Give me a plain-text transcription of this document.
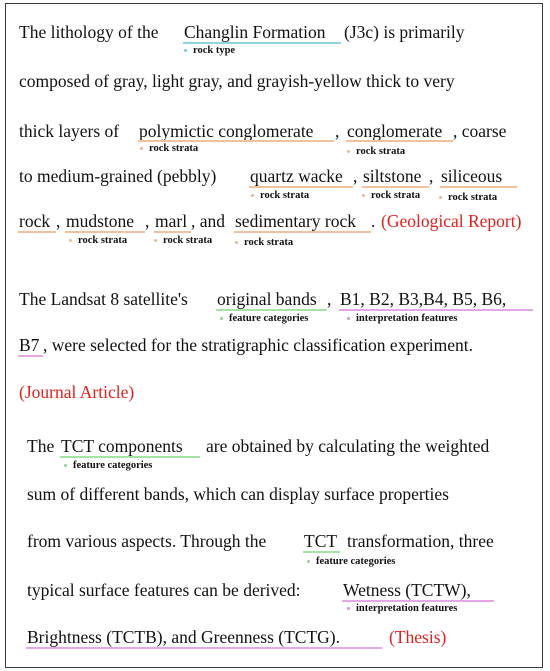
The lithology of the Changlin Formation (J3c) is primarily
rock type
composed of gray, light gray, and grayish-yellow thick to very
thick layers of polymictic conglomerate , conglomerate , coarse
rock strata	rock strata
to medium-grained (pebbly) quartz wacke , siltstone , siliceous
rock strata	rock strata	rock strata
rock , mudstone , marl , and sedimentary rock . (Geological Report)
rock strata	rock strata	rock strata
The Landsat 8 satellite's original bands , B1, B2, B3,B4, B5, B6,
feature categories	interpretation features
B7 , were selected for the stratigraphic classification experiment.
(Journal Article)
The TCT components are obtained by calculating the weighted
feature categories
sum of different bands, which can display surface properties
from various aspects. Through the TCT transformation, three
feature categories
typical surface features can be derived: Wetness (TCTW),
interpretation features
Brightness (TCTB), and Greenness (TCTG).	(Thesis)
